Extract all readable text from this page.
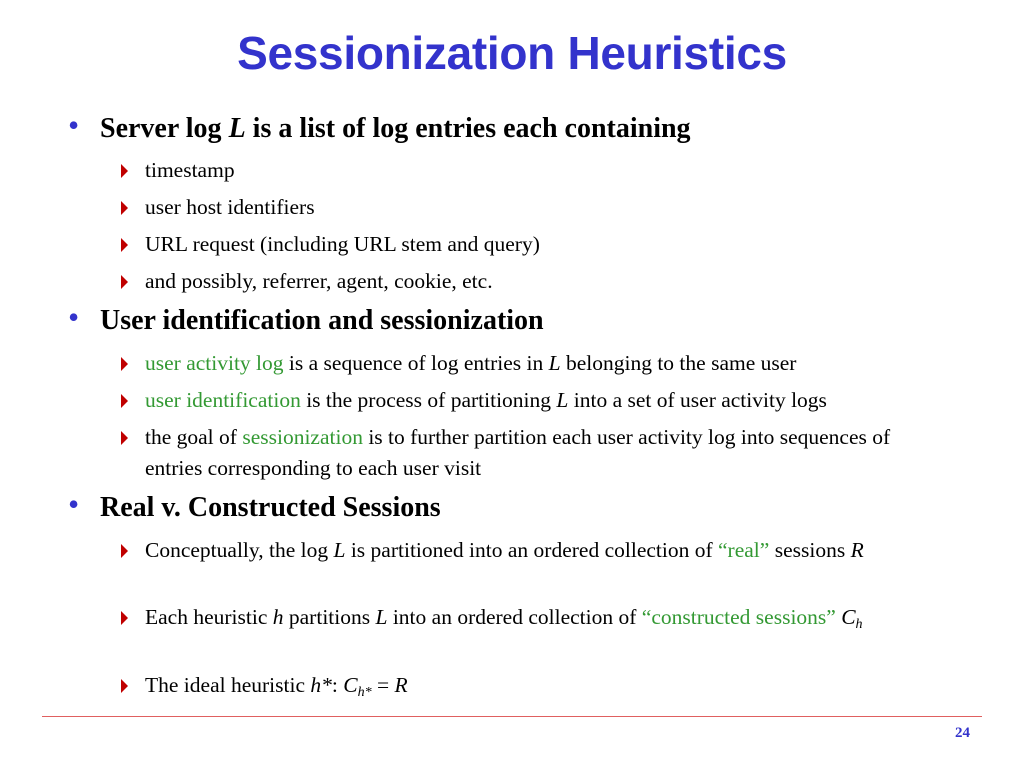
Sessionization Heuristics
• Server log L is a list of log entries each containing
timestamp
user host identifiers
URL request (including URL stem and query)
and possibly, referrer, agent, cookie, etc.
• User identification and sessionization
user activity log is a sequence of log entries in L belonging to the same user
user identification is the process of partitioning L into a set of user activity logs
the goal of sessionization is to further partition each user activity log into sequences of entries corresponding to each user visit
• Real v. Constructed Sessions
Conceptually, the log L is partitioned into an ordered collection of “real” sessions R
Each heuristic h partitions L into an ordered collection of “constructed sessions” $C_h$
The ideal heuristic h*: $C_{h*} = R$
24
